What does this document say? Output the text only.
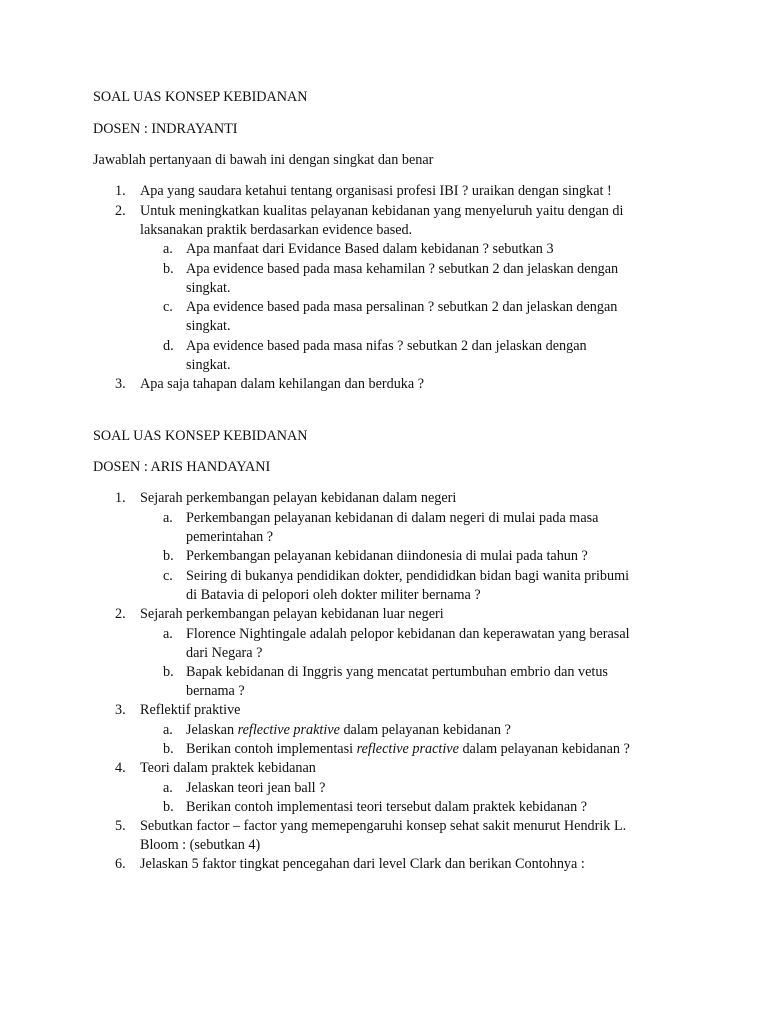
SOAL UAS KONSEP KEBIDANAN
DOSEN : INDRAYANTI
Jawablah pertanyaan di bawah ini dengan singkat dan benar
1. Apa yang saudara ketahui tentang organisasi profesi IBI ? uraikan dengan singkat !
2. Untuk meningkatkan kualitas pelayanan kebidanan yang menyeluruh yaitu dengan di
laksanakan praktik berdasarkan evidence based.
a. Apa manfaat dari Evidance Based dalam kebidanan ? sebutkan 3
b. Apa evidence based pada masa kehamilan ? sebutkan 2 dan jelaskan dengan
singkat.
c. Apa evidence based pada masa persalinan ? sebutkan 2 dan jelaskan dengan
singkat.
d. Apa evidence based pada masa nifas ? sebutkan 2 dan jelaskan dengan
singkat.
3. Apa saja tahapan dalam kehilangan dan berduka ?
SOAL UAS KONSEP KEBIDANAN
DOSEN : ARIS HANDAYANI
1. Sejarah perkembangan pelayan kebidanan dalam negeri
a. Perkembangan pelayanan kebidanan di dalam negeri di mulai pada masa
pemerintahan ?
b. Perkembangan pelayanan kebidanan diindonesia di mulai pada tahun ?
c. Seiring di bukanya pendidikan dokter, pendididkan bidan bagi wanita pribumi
di Batavia di pelopori oleh dokter militer bernama ?
2. Sejarah perkembangan pelayan kebidanan luar negeri
a. Florence Nightingale adalah pelopor kebidanan dan keperawatan yang berasal
dari Negara ?
b. Bapak kebidanan di Inggris yang mencatat pertumbuhan embrio dan vetus
bernama ?
3. Reflektif praktive
a. Jelaskan reflective praktive dalam pelayanan kebidanan ?
b. Berikan contoh implementasi reflective practive dalam pelayanan kebidanan ?
4. Teori dalam praktek kebidanan
a. Jelaskan teori jean ball ?
b. Berikan contoh implementasi teori tersebut dalam praktek kebidanan ?
5. Sebutkan factor – factor yang memepengaruhi konsep sehat sakit menurut Hendrik L.
Bloom : (sebutkan 4)
6. Jelaskan 5 faktor tingkat pencegahan dari level Clark dan berikan Contohnya :
